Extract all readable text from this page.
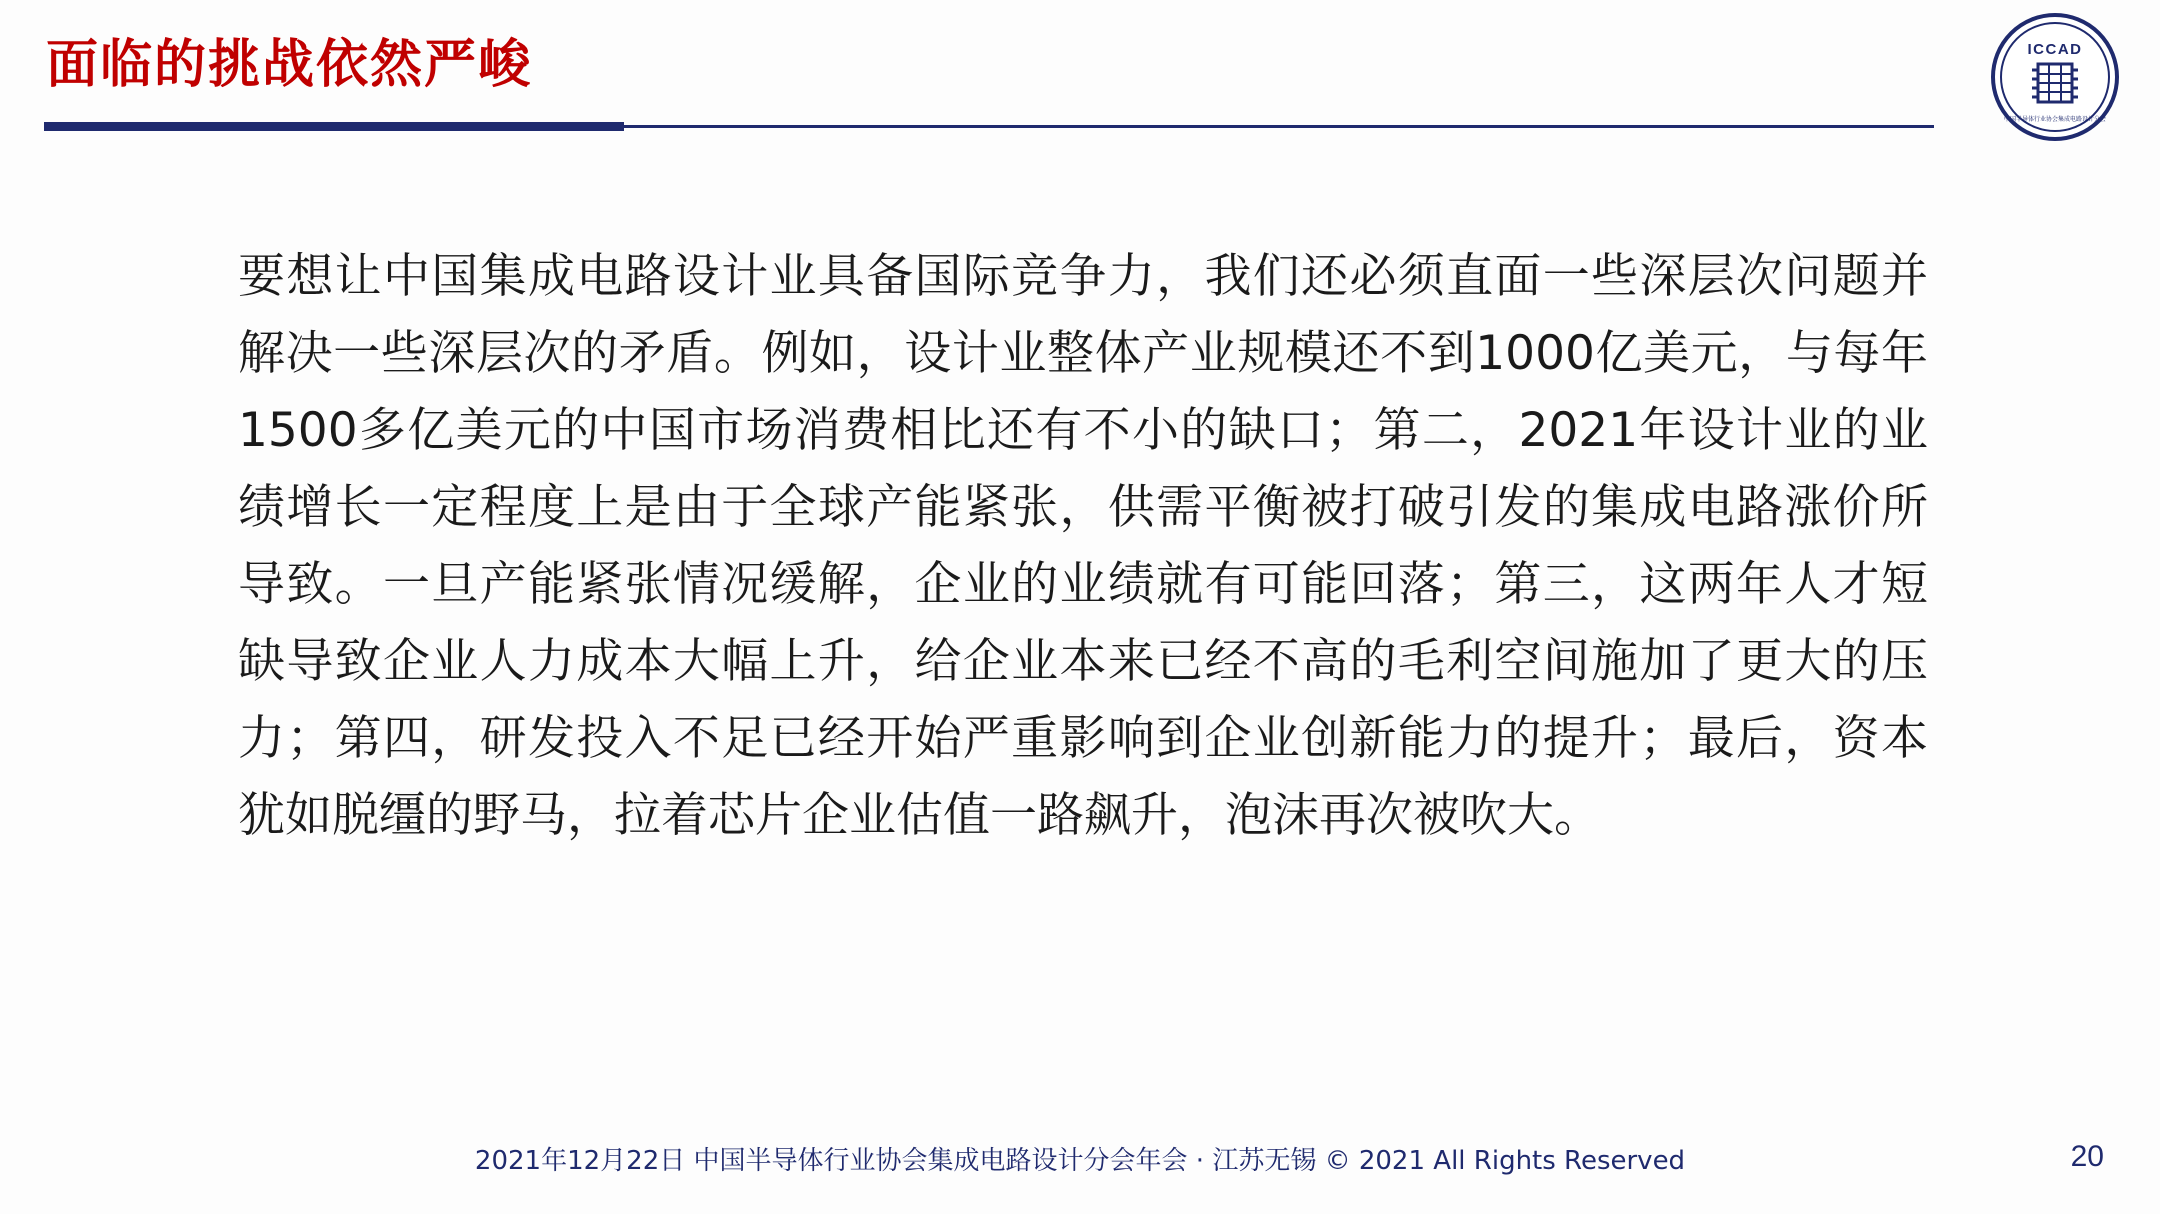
面临的挑战依然严峻	ICCAD
中国半导体行业协会集成电路设计分会
要想让中国集成电路设计业具备国际竞争力，我们还必须直面一些深层次问题并解决一些深层次的矛盾。例如，设计业整体产业规模还不到1000亿美元，与每年1500多亿美元的中国市场消费相比还有不小的缺口；第二，2021年设计业的业绩增长一定程度上是由于全球产能紧张，供需平衡被打破引发的集成电路涨价所导致。一旦产能紧张情况缓解，企业的业绩就有可能回落；第三，这两年人才短缺导致企业人力成本大幅上升，给企业本来已经不高的毛利空间施加了更大的压力；第四，研发投入不足已经开始严重影响到企业创新能力的提升；最后，资本犹如脱缰的野马，拉着芯片企业估值一路飙升，泡沫再次被吹大。
2021年12月22日 中国半导体行业协会集成电路设计分会年会 · 江苏无锡 © 2021 All Rights Reserved	20
